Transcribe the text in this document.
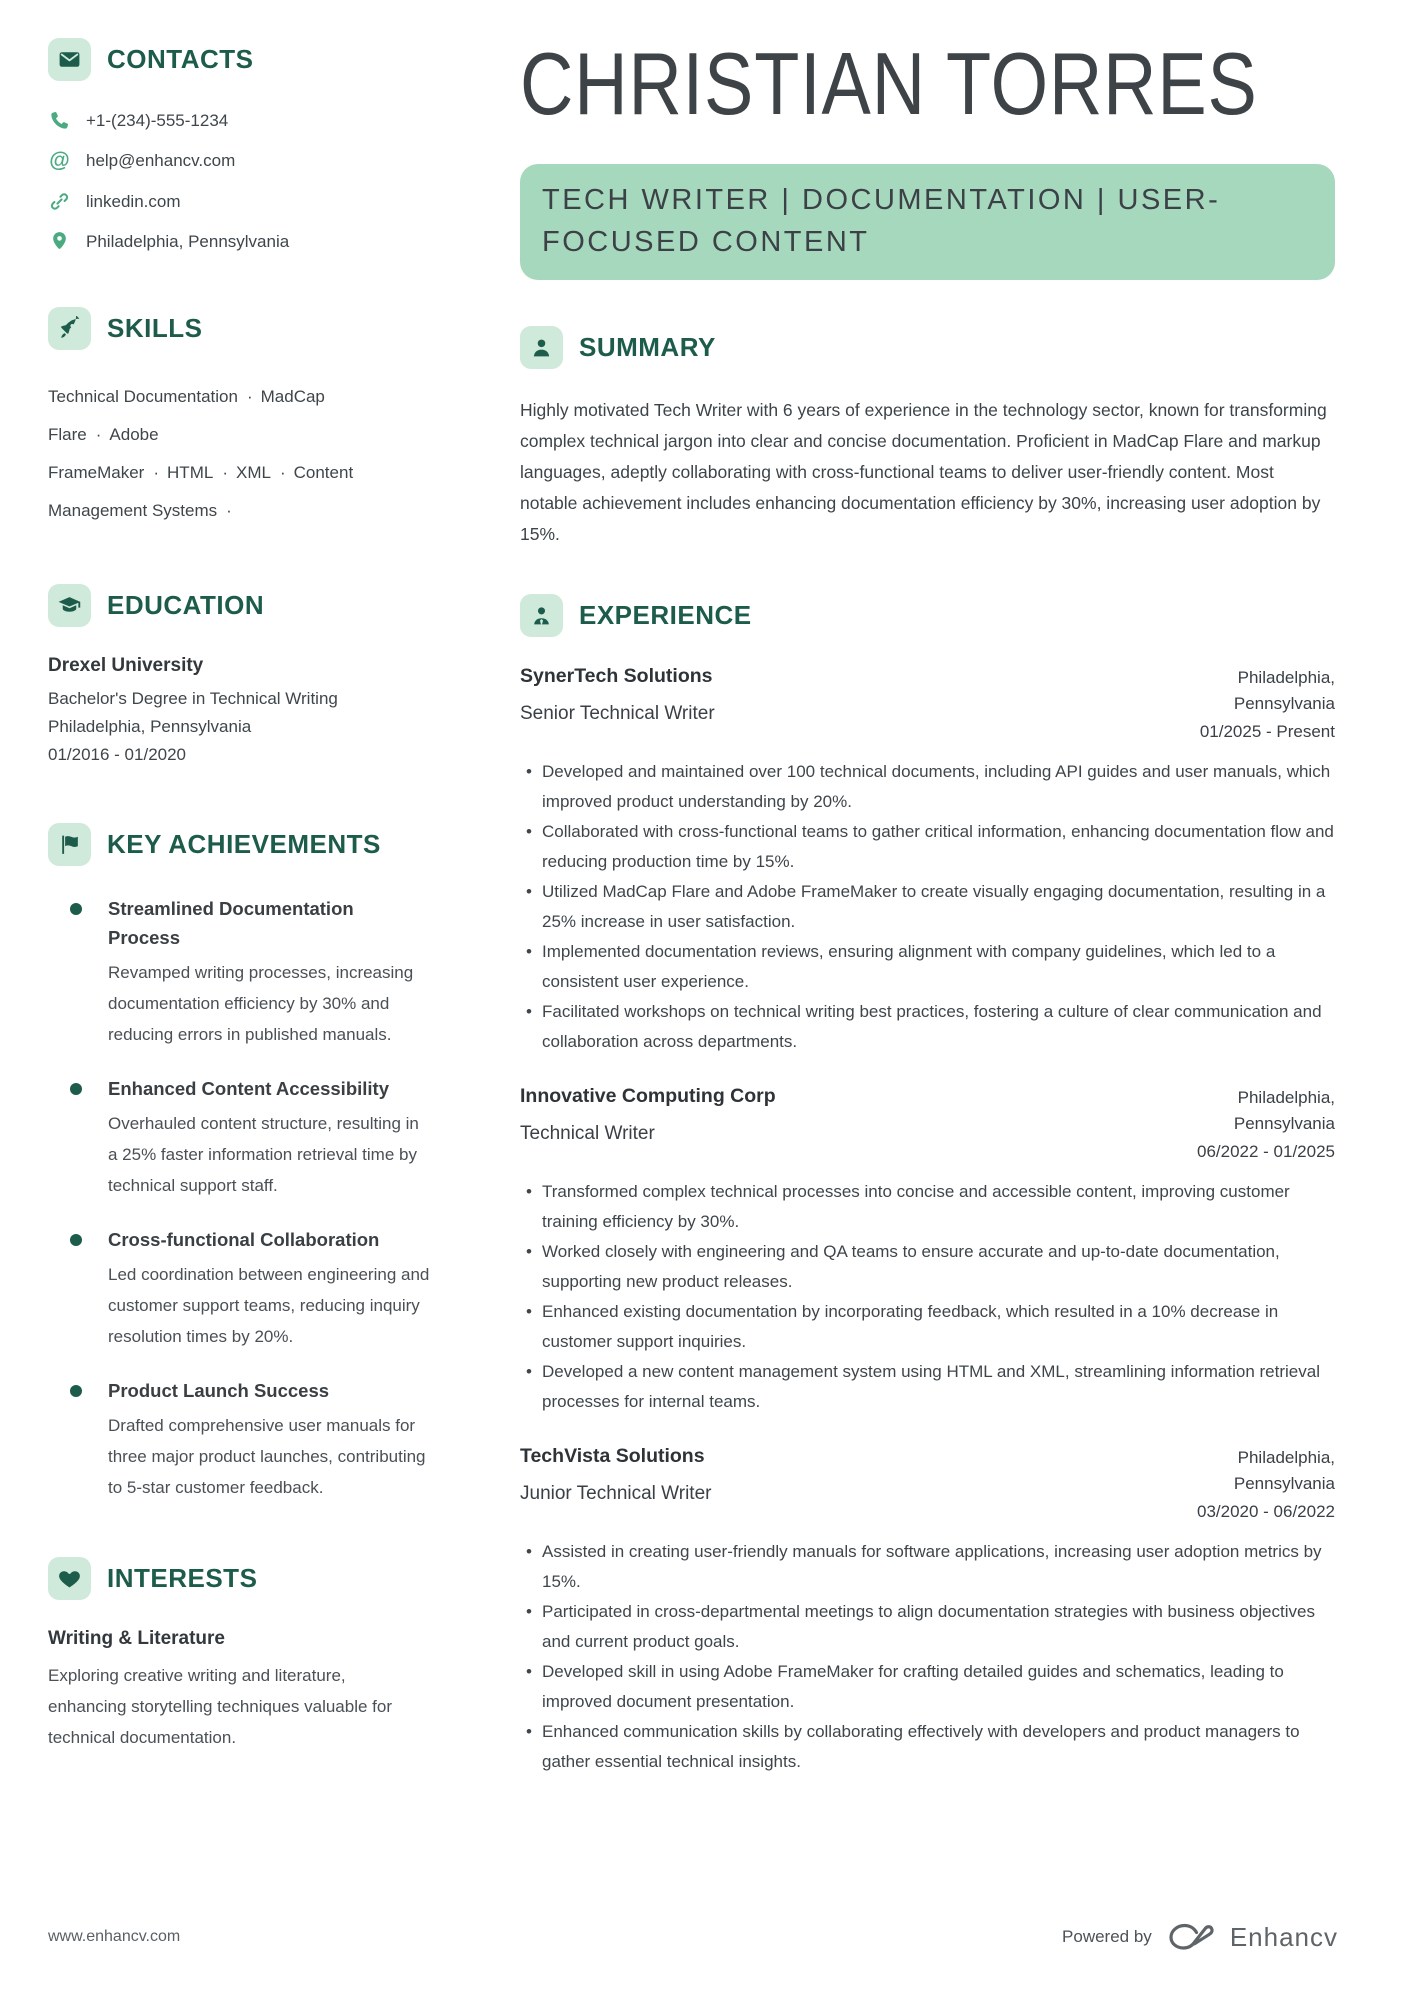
CONTACTS
+1-(234)-555-1234
@
help@enhancv.com
linkedin.com
Philadelphia, Pennsylvania
SKILLS
Technical Documentation · MadCap Flare · Adobe FrameMaker · HTML · XML · Content Management Systems ·
EDUCATION
Drexel University
Bachelor's Degree in Technical Writing
Philadelphia, Pennsylvania
01/2016 - 01/2020
KEY ACHIEVEMENTS
Streamlined Documentation Process

Revamped writing processes, increasing documentation efficiency by 30% and reducing errors in published manuals.

Enhanced Content Accessibility

Overhauled content structure, resulting in a 25% faster information retrieval time by technical support staff.

Cross-functional Collaboration

Led coordination between engineering and customer support teams, reducing inquiry resolution times by 20%.

Product Launch Success

Drafted comprehensive user manuals for three major product launches, contributing to 5-star customer feedback.

INTERESTS
Writing & Literature

Exploring creative writing and literature, enhancing storytelling techniques valuable for technical documentation.

CHRISTIAN TORRES
TECH WRITER | DOCUMENTATION | USER-
FOCUSED CONTENT
SUMMARY

Highly motivated Tech Writer with 6 years of experience in the technology sector, known for transforming complex technical jargon into clear and concise documentation. Proficient in MadCap Flare and markup languages, adeptly collaborating with cross-functional teams to deliver user-friendly content. Most notable achievement includes enhancing documentation efficiency by 30%, increasing user adoption by 15%.

EXPERIENCE
SynerTech Solutions
Senior Technical Writer
Philadelphia, Pennsylvania
01/2025 - Present
• Developed and maintained over 100 technical documents, including API guides and user manuals, which improved product understanding by 20%.
• Collaborated with cross-functional teams to gather critical information, enhancing documentation flow and reducing production time by 15%.
• Utilized MadCap Flare and Adobe FrameMaker to create visually engaging documentation, resulting in a 25% increase in user satisfaction.
• Implemented documentation reviews, ensuring alignment with company guidelines, which led to a consistent user experience.
• Facilitated workshops on technical writing best practices, fostering a culture of clear communication and collaboration across departments.
Innovative Computing Corp
Technical Writer
Philadelphia, Pennsylvania
06/2022 - 01/2025
• Transformed complex technical processes into concise and accessible content, improving customer training efficiency by 30%.
• Worked closely with engineering and QA teams to ensure accurate and up-to-date documentation, supporting new product releases.
• Enhanced existing documentation by incorporating feedback, which resulted in a 10% decrease in customer support inquiries.
• Developed a new content management system using HTML and XML, streamlining information retrieval processes for internal teams.
TechVista Solutions
Junior Technical Writer
Philadelphia, Pennsylvania
03/2020 - 06/2022
• Assisted in creating user-friendly manuals for software applications, increasing user adoption metrics by 15%.
• Participated in cross-departmental meetings to align documentation strategies with business objectives and current product goals.
• Developed skill in using Adobe FrameMaker for crafting detailed guides and schematics, leading to improved document presentation.
• Enhanced communication skills by collaborating effectively with developers and product managers to gather essential technical insights.
www.enhancv.com	Powered by	Enhancv
